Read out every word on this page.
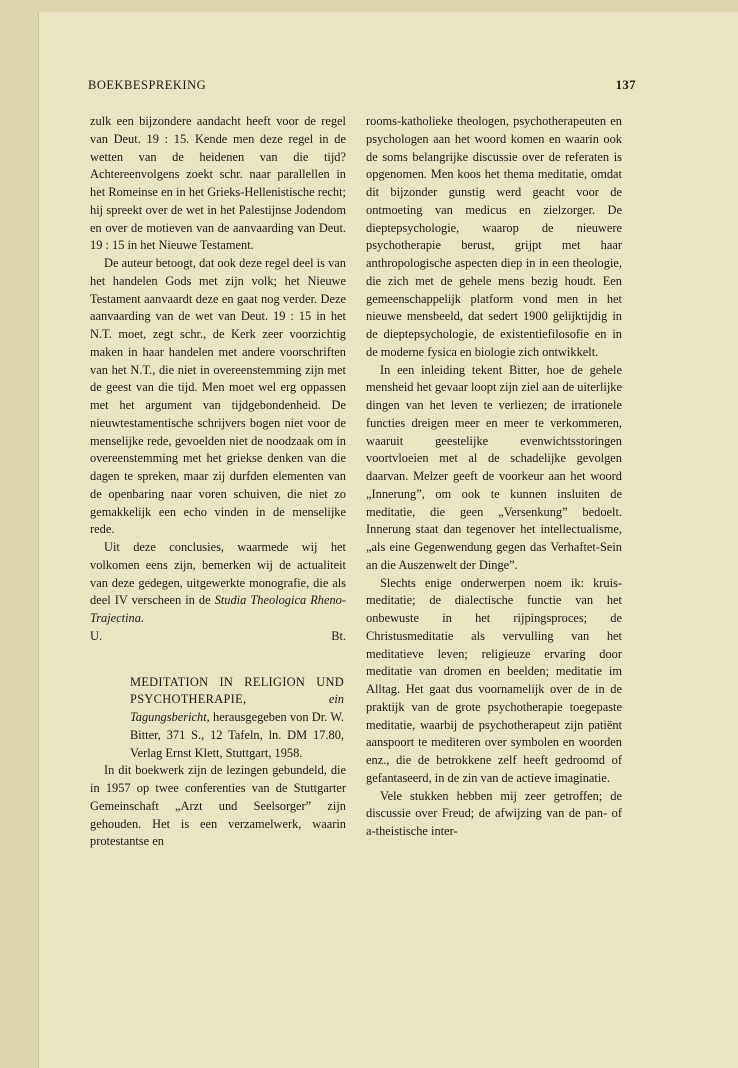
BOEKBESPREKING	137

zulk een bijzondere aandacht heeft voor de regel van Deut. 19 : 15. Kende men deze regel in de wetten van de heidenen van die tijd? Achtereenvolgens zoekt schr. naar parallellen in het Romeinse en in het Grieks-Hellenistische recht; hij spreekt over de wet in het Palestijnse Jodendom en over de motieven van de aanvaarding van Deut. 19 : 15 in het Nieuwe Testament.

De auteur betoogt, dat ook deze regel deel is van het handelen Gods met zijn volk; het Nieuwe Testament aanvaardt deze en gaat nog verder. Deze aanvaarding van de wet van Deut. 19 : 15 in het N.T. moet, zegt schr., de Kerk zeer voorzichtig maken in haar handelen met andere voorschriften van het N.T., die niet in overeenstemming zijn met de geest van die tijd. Men moet wel erg oppassen met het argument van tijdgebondenheid. De nieuwtestamentische schrijvers bogen niet voor de menselijke rede, gevoelden niet de noodzaak om in overeenstemming met het griekse denken van die dagen te spreken, maar zij durfden elementen van de openbaring naar voren schuiven, die niet zo gemakkelijk een echo vinden in de menselijke rede.

Uit deze conclusies, waarmede wij het volkomen eens zijn, bemerken wij de actualiteit van deze gedegen, uitgewerkte monografie, die als deel IV verscheen in de Studia Theologica Rheno-Trajectina.

U.	Bt.
MEDITATION IN RELIGION UND PSYCHOTHERAPIE,	ein Tagungsbericht, herausgegeben von Dr. W. Bitter, 371 S., 12 Tafeln, ln. DM 17.80, Verlag Ernst Klett, Stuttgart, 1958.

In dit boekwerk zijn de lezingen gebundeld, die in 1957 op twee conferenties van de Stuttgarter Gemeinschaft „Arzt und Seelsorger” zijn gehouden. Het is een verzamelwerk, waarin protestantse en

rooms-katholieke theologen, psychotherapeuten en psychologen aan het woord komen en waarin ook de soms belangrijke discussie over de referaten is opgenomen. Men koos het thema meditatie, omdat dit bijzonder gunstig werd geacht voor de ontmoeting van medicus en zielzorger. De dieptepsychologie, waarop de nieuwere psychotherapie berust, grijpt met haar anthropologische aspecten diep in in een theologie, die zich met de gehele mens bezig houdt. Een gemeenschappelijk platform vond men in het nieuwe mensbeeld, dat sedert 1900 gelijktijdig in de dieptepsychologie, de existentiefilosofie en in de moderne fysica en biologie zich ontwikkelt.

In een inleiding tekent Bitter, hoe de gehele mensheid het gevaar loopt zijn ziel aan de uiterlijke dingen van het leven te verliezen; de irrationele functies dreigen meer en meer te verkommeren, waaruit geestelijke evenwichtsstoringen voortvloeien met al de schadelijke gevolgen daarvan. Melzer geeft de voorkeur aan het woord „Innerung”, om ook te kunnen insluiten de meditatie, die geen „Versenkung” bedoelt. Innerung staat dan tegenover het intellectualisme, „als eine Gegenwendung gegen das Verhaftet-Sein an die Auszenwelt der Dinge”.

Slechts enige onderwerpen noem ik: kruis-meditatie; de dialectische functie van het onbewuste in het rijpingsproces; de Christusmeditatie als vervulling van het meditatieve leven; religieuze ervaring door meditatie van dromen en beelden; meditatie im Alltag. Het gaat dus voornamelijk over de in de praktijk van de grote psychotherapie toegepaste meditatie, waarbij de psychotherapeut zijn patiënt aanspoort te mediteren over symbolen en woorden enz., die de betrokkene zelf heeft gedroomd of gefantaseerd, in de zin van de actieve imaginatie.

Vele stukken hebben mij zeer getroffen; de discussie over Freud; de afwijzing van de pan- of a-theistische inter-
